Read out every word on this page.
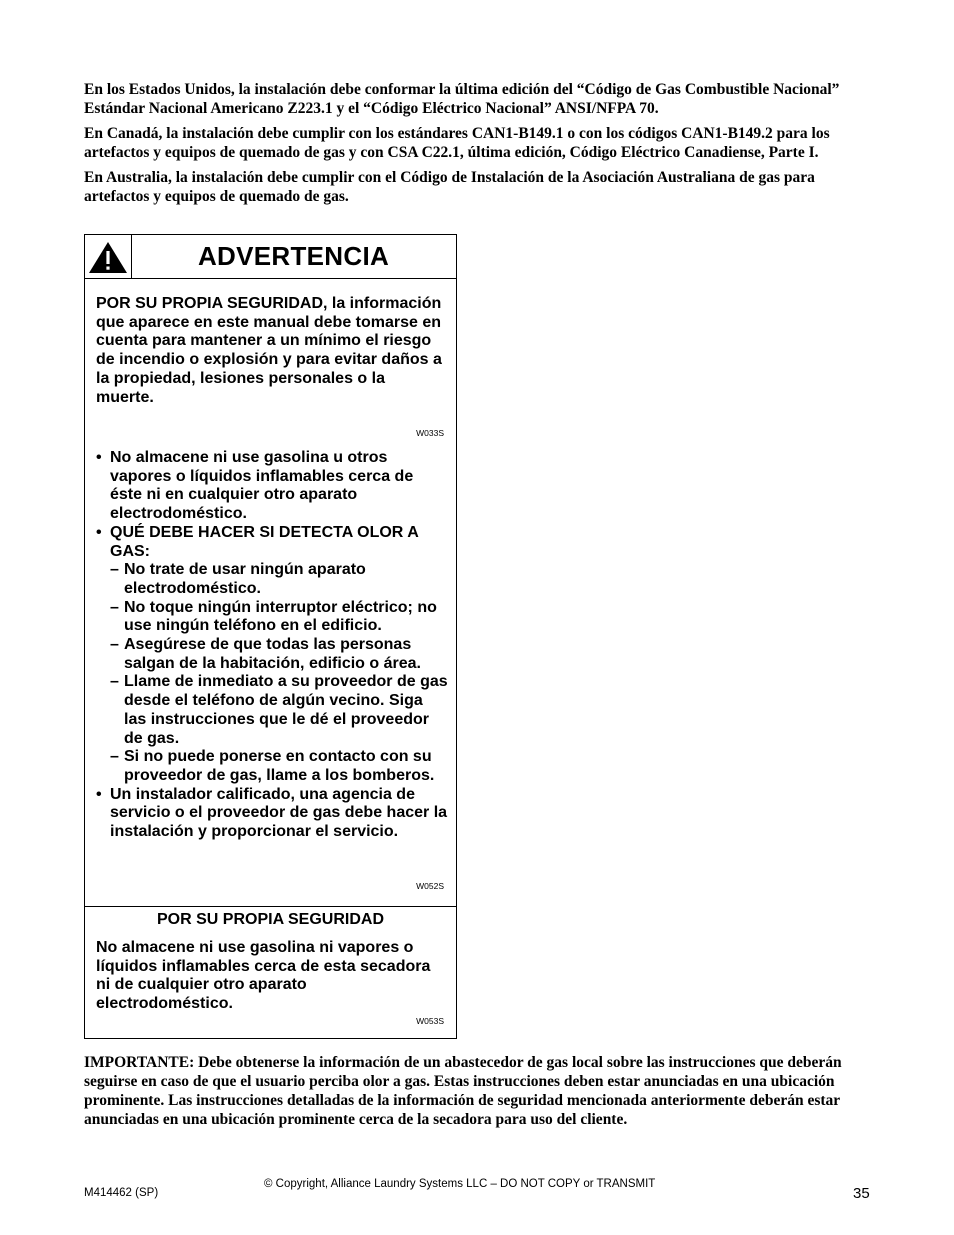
En los Estados Unidos, la instalación debe conformar la última edición del “Código de Gas Combustible Nacional” Estándar Nacional Americano Z223.1 y el “Código Eléctrico Nacional” ANSI/NFPA 70.

En Canadá, la instalación debe cumplir con los estándares CAN1-B149.1 o con los códigos CAN1-B149.2 para los artefactos y equipos de quemado de gas y con CSA C22.1, última edición, Código Eléctrico Canadiense, Parte I.

En Australia, la instalación debe cumplir con el Código de Instalación de la Asociación Australiana de gas para artefactos y equipos de quemado de gas.

ADVERTENCIA
POR SU PROPIA SEGURIDAD, la información que aparece en este manual debe tomarse en cuenta para mantener a un mínimo el riesgo de incendio o explosión y para evitar daños a la propiedad, lesiones personales o la muerte.
W033S
• No almacene ni use gasolina u otros vapores o líquidos inflamables cerca de éste ni en cualquier otro aparato electrodoméstico.
• QUÉ DEBE HACER SI DETECTA OLOR A GAS:
– No trate de usar ningún aparato electrodoméstico.
– No toque ningún interruptor eléctrico; no use ningún teléfono en el edificio.
– Asegúrese de que todas las personas salgan de la habitación, edificio o área.
– Llame de inmediato a su proveedor de gas desde el teléfono de algún vecino. Siga las instrucciones que le dé el proveedor de gas.
– Si no puede ponerse en contacto con su proveedor de gas, llame a los bomberos.
• Un instalador calificado, una agencia de servicio o el proveedor de gas debe hacer la instalación y proporcionar el servicio.
W052S
POR SU PROPIA SEGURIDAD
No almacene ni use gasolina ni vapores o líquidos inflamables cerca de esta secadora ni de cualquier otro aparato electrodoméstico.
W053S
IMPORTANTE: Debe obtenerse la información de un abastecedor de gas local sobre las instrucciones que deberán seguirse en caso de que el usuario perciba olor a gas. Estas instrucciones deben estar anunciadas en una ubicación prominente. Las instrucciones detalladas de la información de seguridad mencionada anteriormente deberán estar anunciadas en una ubicación prominente cerca de la secadora para uso del cliente.
© Copyright, Alliance Laundry Systems LLC – DO NOT COPY or TRANSMIT
M414462 (SP)	35
